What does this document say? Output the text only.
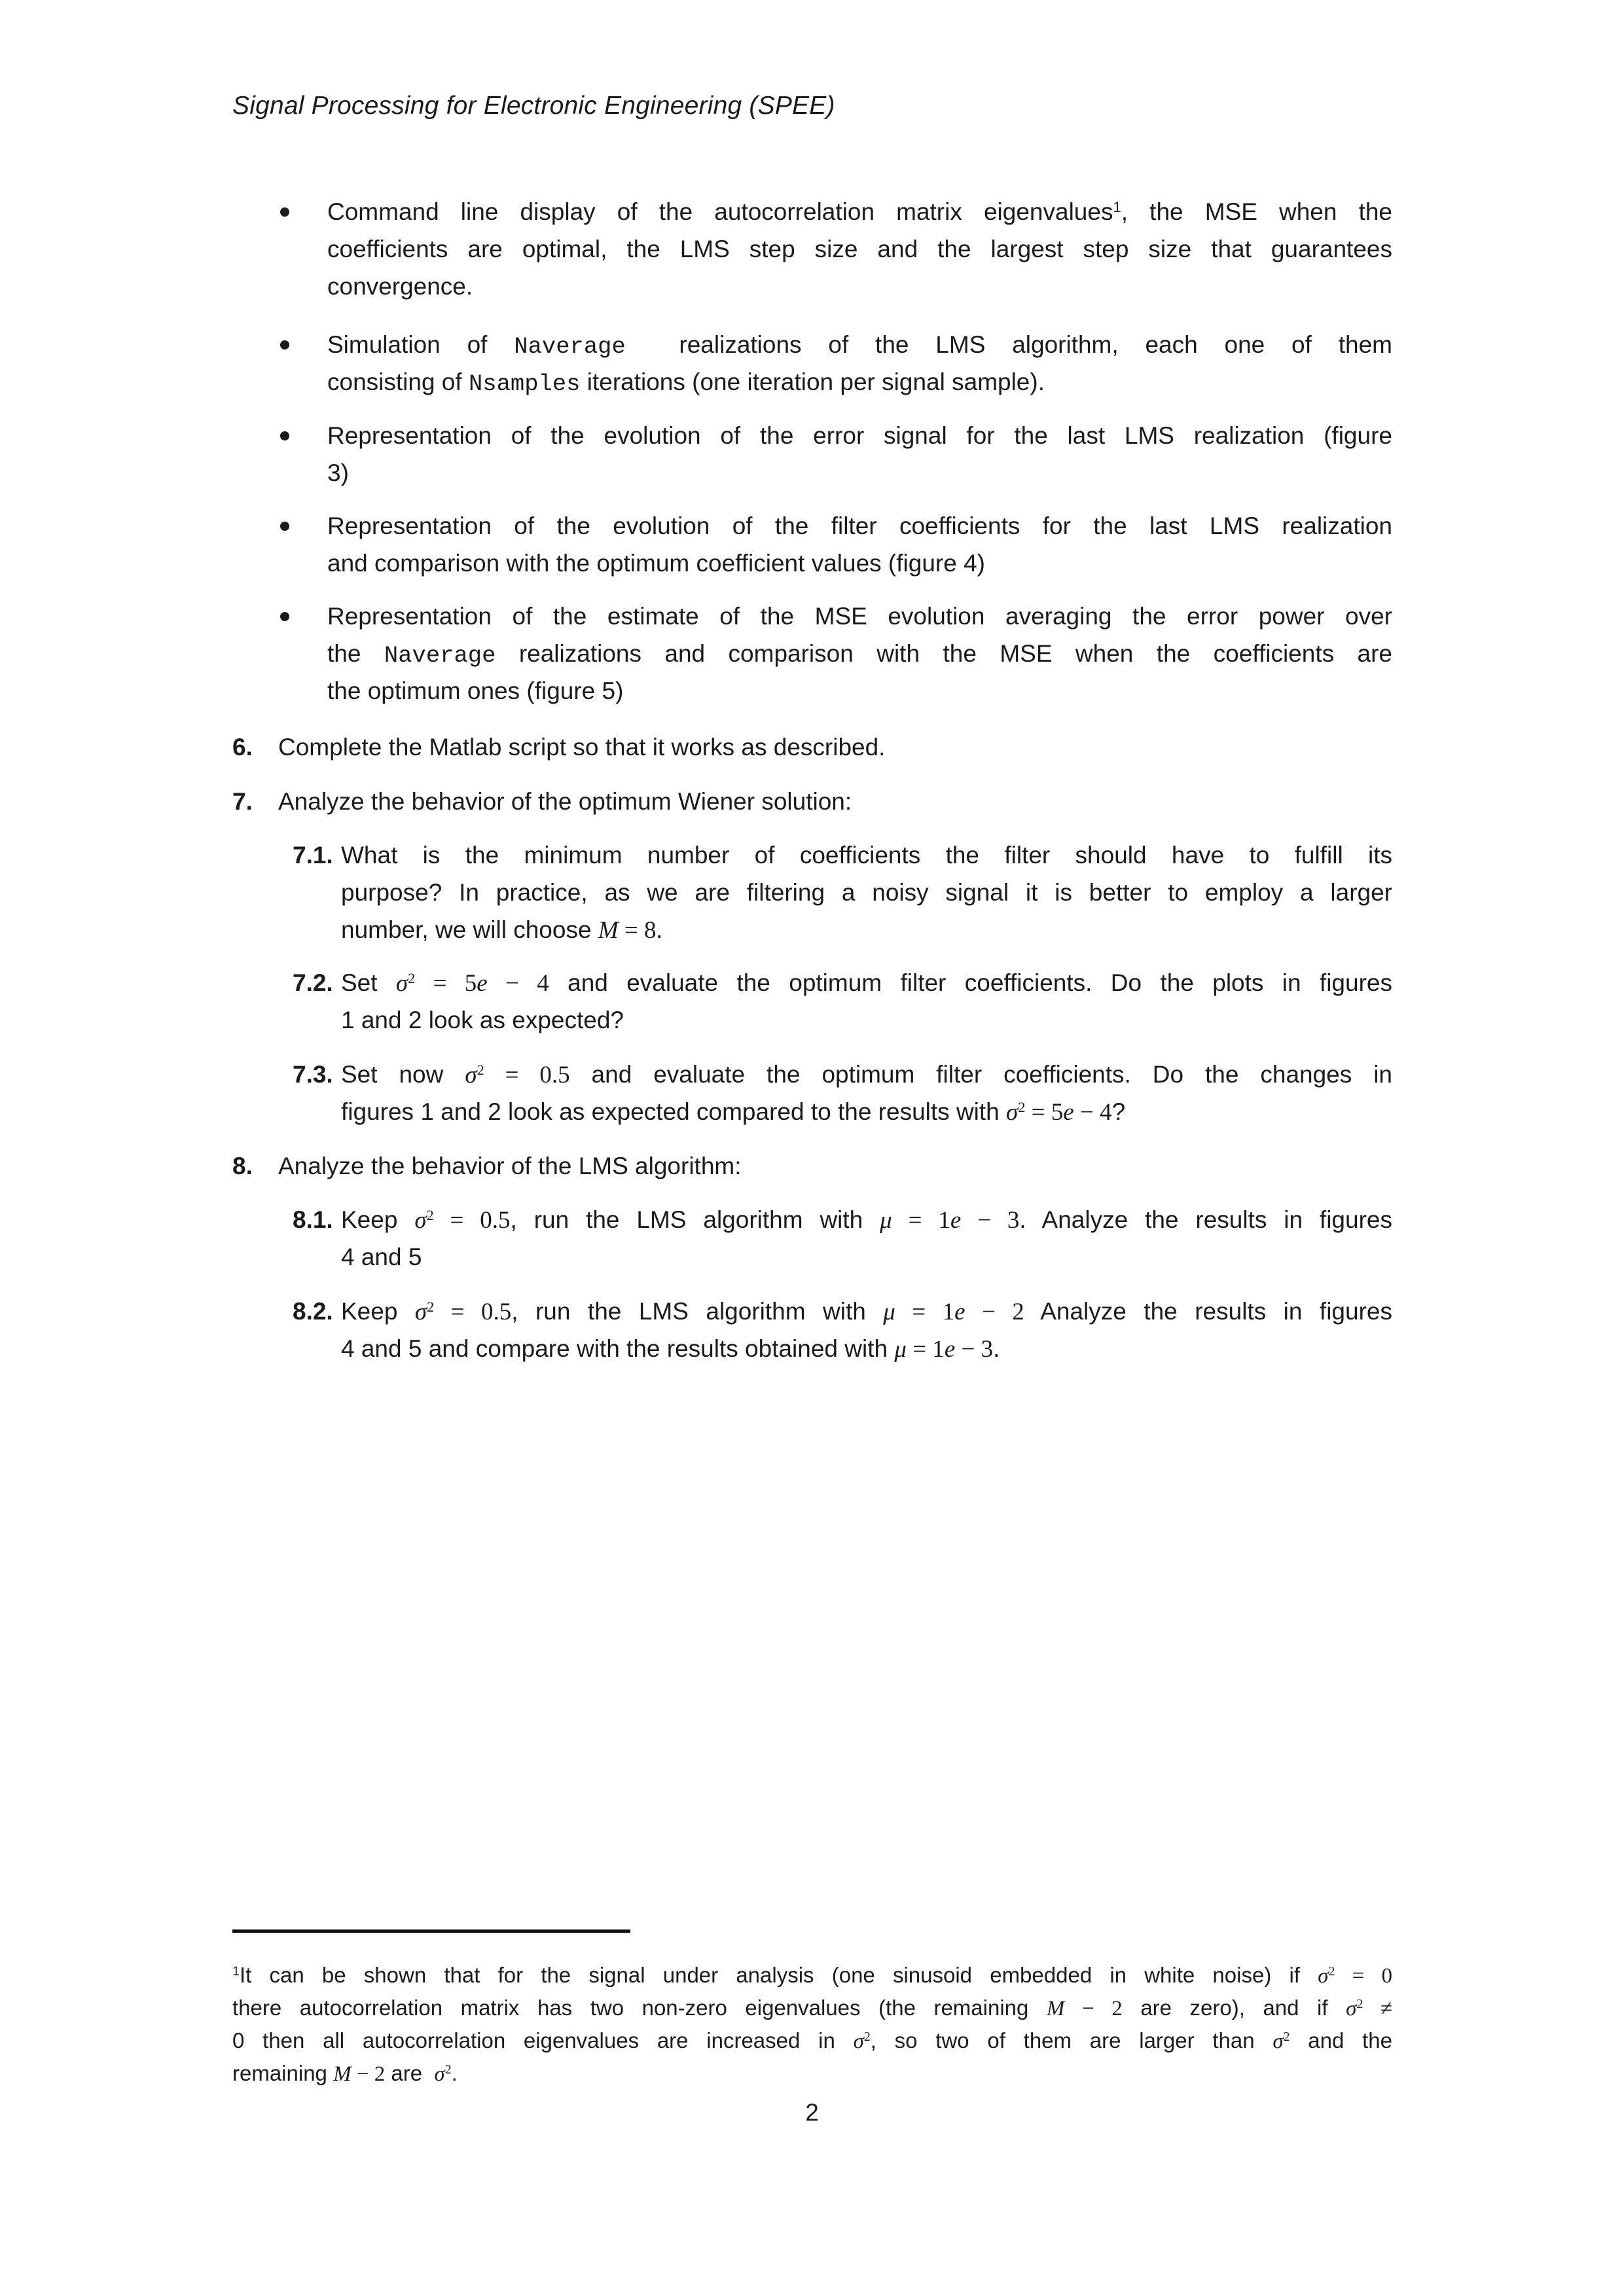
Signal Processing for Electronic Engineering (SPEE)
Command line display of the autocorrelation matrix eigenvalues$^1$, the MSE when the
coefficients are optimal, the LMS step size and the largest step size that guarantees
convergence.
Simulation of Naverage  realizations of the LMS algorithm, each one of them
consisting of Nsamples iterations (one iteration per signal sample).
Representation of the evolution of the error signal for the last LMS realization (figure
3)
Representation of the evolution of the filter coefficients for the last LMS realization
and comparison with the optimum coefficient values (figure 4)
Representation of the estimate of the MSE evolution averaging the error power over
the Naverage realizations and comparison with the MSE when the coefficients are
the optimum ones (figure 5)
6. Complete the Matlab script so that it works as described.
7. Analyze the behavior of the optimum Wiener solution:
7.1. What is the minimum number of coefficients the filter should have to fulfill its
purpose? In practice, as we are filtering a noisy signal it is better to employ a larger
number, we will choose M = 8.
7.2. Set $\sigma^2 = 5e - 4$ and evaluate the optimum filter coefficients. Do the plots in figures
1 and 2 look as expected?
7.3. Set now $\sigma^2 = 0.5$ and evaluate the optimum filter coefficients. Do the changes in
figures 1 and 2 look as expected compared to the results with $\sigma^2 = 5e - 4$?
8. Analyze the behavior of the LMS algorithm:
8.1. Keep $\sigma^2 = 0.5$, run the LMS algorithm with μ = 1e − 3. Analyze the results in figures
4 and 5
8.2. Keep $\sigma^2 = 0.5$, run the LMS algorithm with μ = 1e − 2 Analyze the results in figures
4 and 5 and compare with the results obtained with μ = 1e − 3.
$^1$It can be shown that for the signal under analysis (one sinusoid embedded in white noise) if $\sigma^2 = 0$
there autocorrelation matrix has two non-zero eigenvalues (the remaining M − 2 are zero), and if $\sigma^2$ ≠
0 then all autocorrelation eigenvalues are increased in $\sigma^2$, so two of them are larger than $\sigma^2$ and the
remaining M − 2 are  $\sigma^2$.
2
